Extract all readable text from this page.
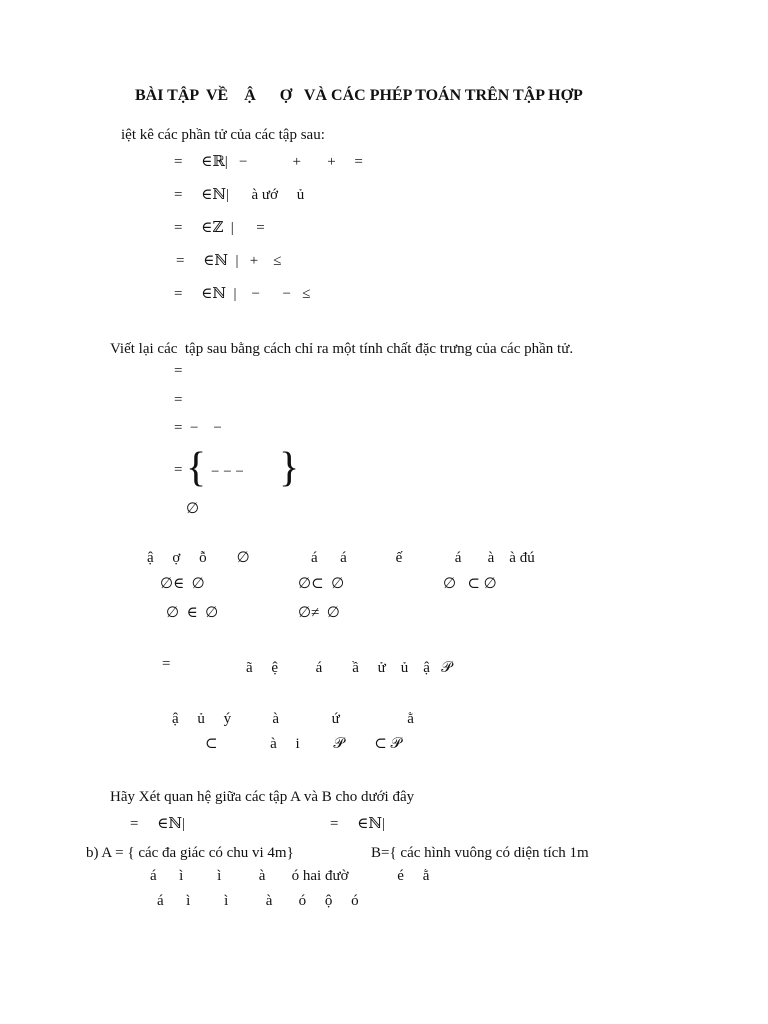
BÀI TẬP  VỀ    Ậ      Ợ   VÀ CÁC PHÉP TOÁN TRÊN TẬP HỢP
iệt kê các phần tử của các tập sau:
=     ∈ℝ|   −            +       +     =
=     ∈ℕ|      à ướ     ủ
=     ∈ℤ  |      =
=     ∈ℕ  |   +    ≤
=     ∈ℕ  |    −      −   ≤
Viết lại các  tập sau bằng cách chỉ ra một tính chất đặc trưng của các phần tử.
=
=
=  −    −
= { − − − }
∅
ậ     ợ     ỗ        ∅	á      á             ế              á       à    à đú
∅∈  ∅	∅⊂  ∅	∅   ⊂ ∅
∅  ∈  ∅	∅≠  ∅
=	ã     ệ          á        ầ     ử    ủ    ậ   𝒫
ậ     ủ     ý           à              ứ                  ằ
⊂              à     i         𝒫        ⊂ 𝒫
Hãy Xét quan hệ giữa các tập A và B cho dưới đây
=     ∈ℕ|	=     ∈ℕ|
b) A = { các đa giác có chu vi 4m}	B={ các hình vuông có diện tích 1m
á      ì         ì          à       ó hai đườ             é     ằ
á      ì         ì          à       ó     ộ     ó
